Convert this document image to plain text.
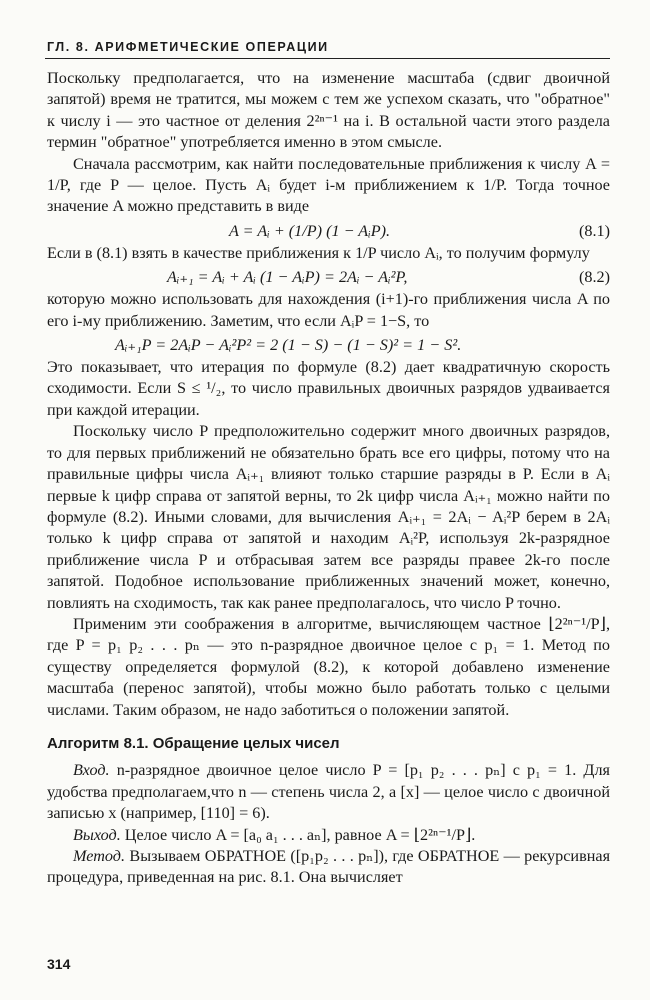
ГЛ. 8. АРИФМЕТИЧЕСКИЕ ОПЕРАЦИИ

Поскольку предполагается, что на изменение масштаба (сдвиг двоичной запятой) время не тратится, мы можем с тем же успехом сказать, что "обратное" к числу i — это частное от деления 2²ⁿ⁻¹ на i. В остальной части этого раздела термин "обратное" употребляется именно в этом смысле.

Сначала рассмотрим, как найти последовательные приближения к числу A = 1/P, где P — целое. Пусть Aᵢ будет i-м приближением к 1/P. Тогда точное значение A можно представить в виде

A = Aᵢ + (1/P) (1 − AᵢP).	(8.1)

Если в (8.1) взять в качестве приближения к 1/P число Aᵢ, то получим формулу

Aᵢ₊₁ = Aᵢ + Aᵢ (1 − AᵢP) = 2Aᵢ − Aᵢ²P,	(8.2)

которую можно использовать для нахождения (i+1)-го приближения числа A по его i-му приближению. Заметим, что если AᵢP = 1−S, то

Aᵢ₊₁P = 2AᵢP − Aᵢ²P² = 2 (1 − S) − (1 − S)² = 1 − S².

Это показывает, что итерация по формуле (8.2) дает квадратичную скорость сходимости. Если S ≤ ¹/₂, то число правильных двоичных разрядов удваивается при каждой итерации.

Поскольку число P предположительно содержит много двоичных разрядов, то для первых приближений не обязательно брать все его цифры, потому что на правильные цифры числа Aᵢ₊₁ влияют только старшие разряды в P. Если в Aᵢ первые k цифр справа от запятой верны, то 2k цифр числа Aᵢ₊₁ можно найти по формуле (8.2). Иными словами, для вычисления Aᵢ₊₁ = 2Aᵢ − Aᵢ²P берем в 2Aᵢ только k цифр справа от запятой и находим Aᵢ²P, используя 2k-разрядное приближение числа P и отбрасывая затем все разряды правее 2k-го после запятой. Подобное использование приближенных значений может, конечно, повлиять на сходимость, так как ранее предполагалось, что число P точно.

Применим эти соображения в алгоритме, вычисляющем частное ⌊2²ⁿ⁻¹/P⌋, где P = p₁ p₂ . . . pₙ — это n-разрядное двоичное целое с p₁ = 1. Метод по существу определяется формулой (8.2), к которой добавлено изменение масштаба (перенос запятой), чтобы можно было работать только с целыми числами. Таким образом, не надо заботиться о положении запятой.

Алгоритм 8.1. Обращение целых чисел

Вход. n-разрядное двоичное целое число P = [p₁ p₂ . . . pₙ] с p₁ = 1. Для удобства предполагаем,что n — степень числа 2, а [x] — целое число с двоичной записью x (например, [110] = 6).

Выход. Целое число A = [a₀ a₁ . . . aₙ], равное A = ⌊2²ⁿ⁻¹/P⌋.

Метод. Вызываем ОБРАТНОЕ ([p₁p₂ . . . pₙ]), где ОБРАТНОЕ — рекурсивная процедура, приведенная на рис. 8.1. Она вычисляет

314
